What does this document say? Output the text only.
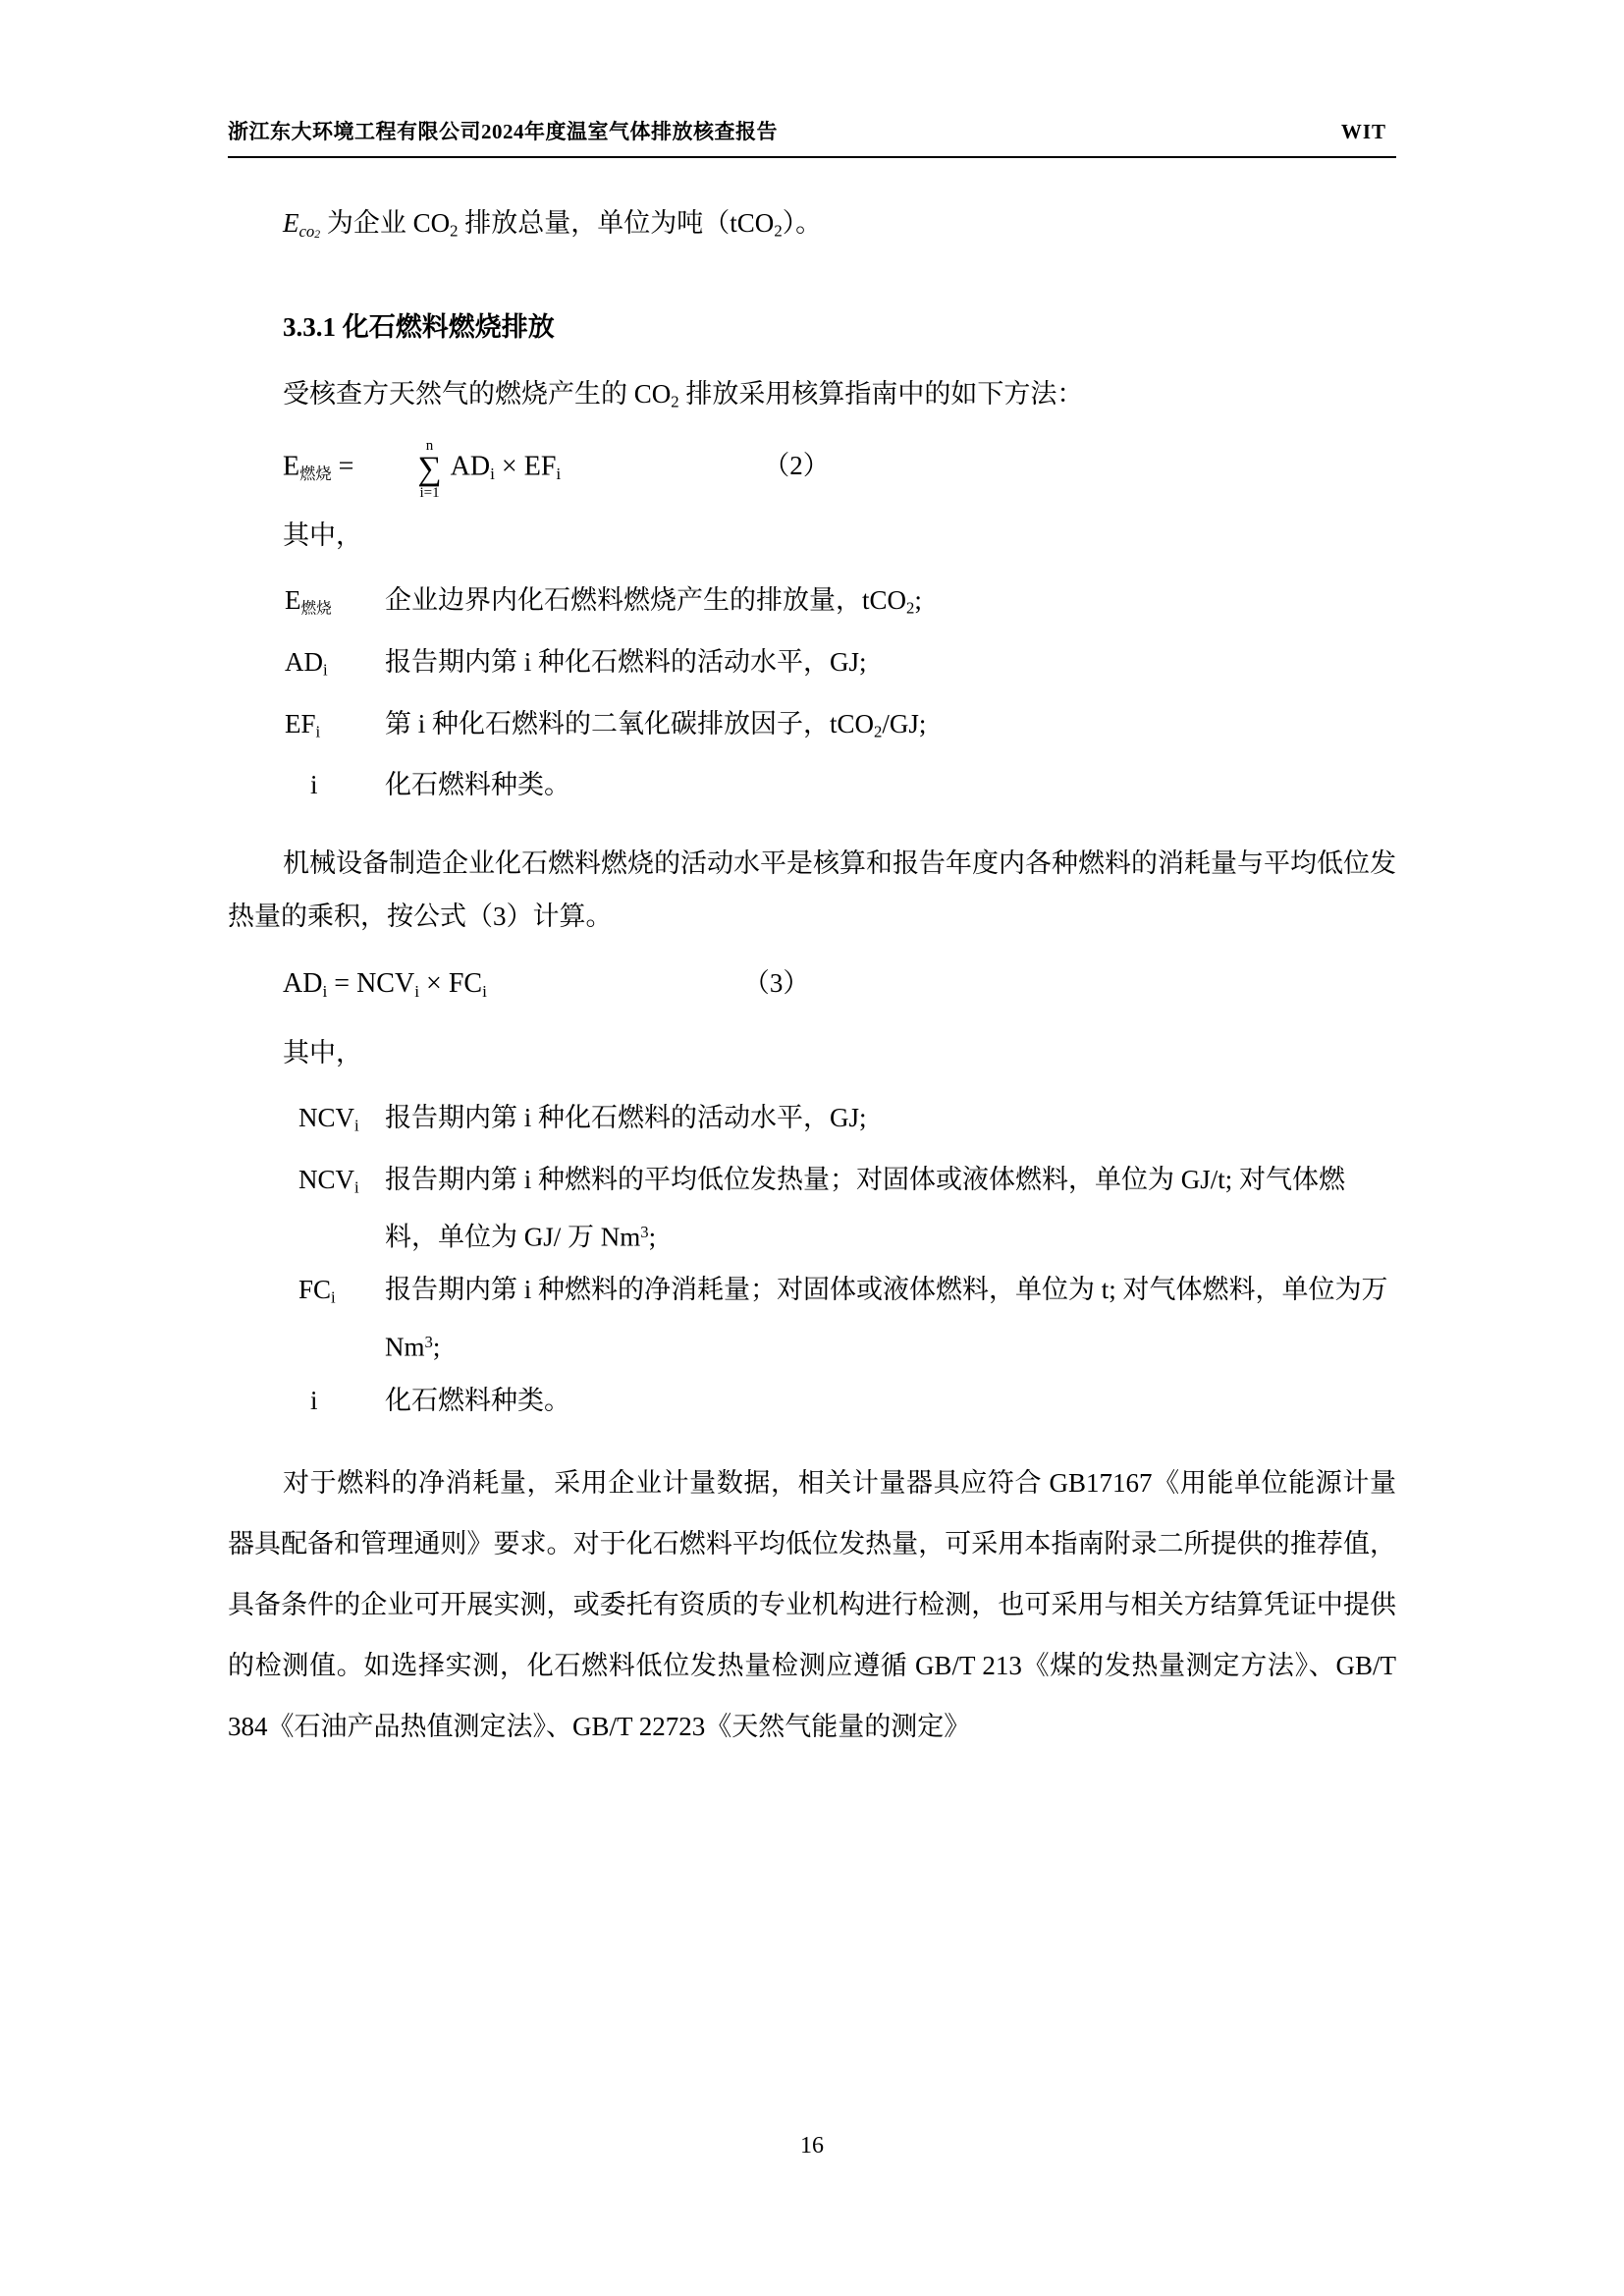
浙江东大环境工程有限公司2024年度温室气体排放核查报告	WIT
$E_{co_2}$ 为企业 $CO_2$ 排放总量，单位为吨（tCO$_2$）。
3.3.1 化石燃料燃烧排放
受核查方天然气的燃烧产生的 $CO_2$ 排放采用核算指南中的如下方法：
$E_{燃烧}$ =
n
∑
i=1
$AD_i \times EF_i$	（2）
其中，
$E_{燃烧}$	企业边界内化石燃料燃烧产生的排放量，tCO$_2$;
$AD_i$	报告期内第 i 种化石燃料的活动水平，GJ;
$EF_i$	第 i 种化石燃料的二氧化碳排放因子，tCO$_2$/GJ;
i	化石燃料种类。
机械设备制造企业化石燃料燃烧的活动水平是核算和报告年度内各种燃料的消耗量与平均低位发热量的乘积，按公式（3）计算。
$AD_i = NCV_i \times FC_i$	（3）
其中，
$NCV_i$ 报告期内第 i 种化石燃料的活动水平，GJ;
$NCV_i$ 报告期内第 i 种燃料的平均低位发热量；对固体或液体燃料，单位为 GJ/t; 对气体燃料，单位为 GJ/ 万 Nm$^3$;
$FC_i$	报告期内第 i 种燃料的净消耗量；对固体或液体燃料，单位为 t; 对气体燃料，单位为万 Nm$^3$;
i	化石燃料种类。
对于燃料的净消耗量，采用企业计量数据，相关计量器具应符合 GB17167《用能单位能源计量器具配备和管理通则》要求。对于化石燃料平均低位发热量，可采用本指南附录二所提供的推荐值，具备条件的企业可开展实测，或委托有资质的专业机构进行检测，也可采用与相关方结算凭证中提供的检测值。如选择实测，化石燃料低位发热量检测应遵循 GB/T 213《煤的发热量测定方法》、GB/T 384《石油产品热值测定法》、GB/T 22723《天然气能量的测定》
16
